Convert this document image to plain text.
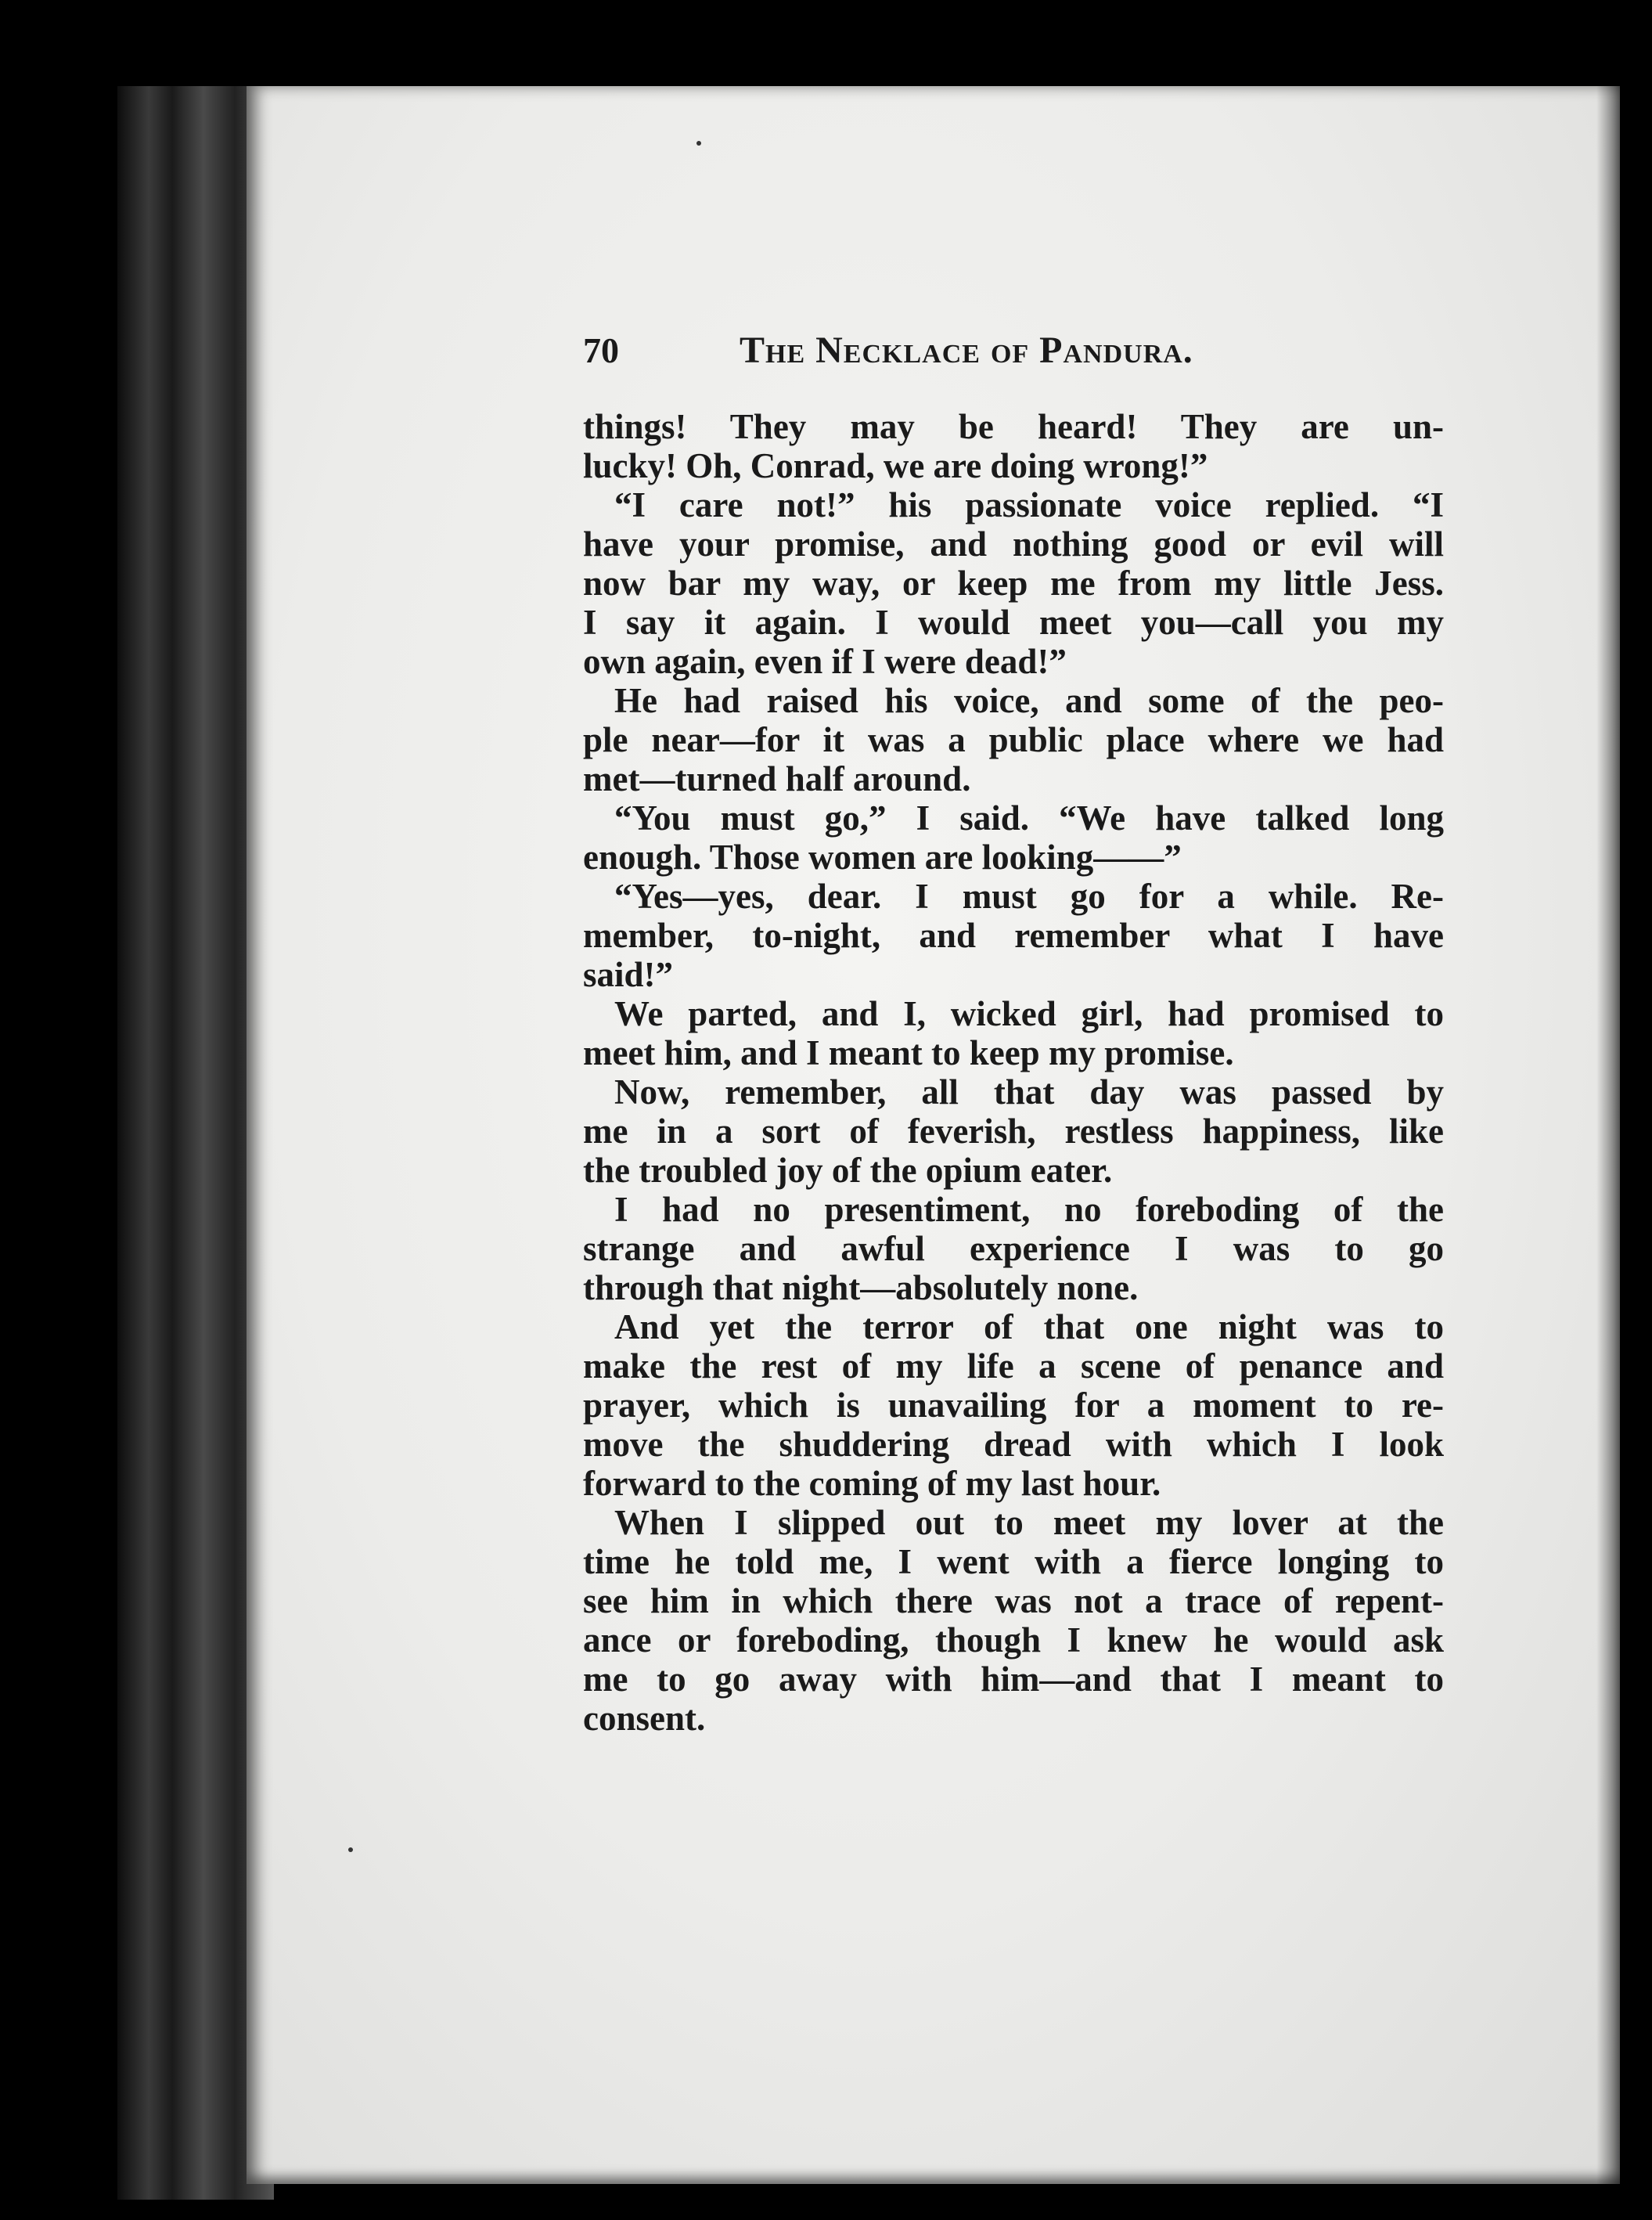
70	The Necklace of Pandura.
things! They may be heard! They are un-
lucky! Oh, Conrad, we are doing wrong!”
“I care not!” his passionate voice replied. “I
have your promise, and nothing good or evil will
now bar my way, or keep me from my little Jess.
I say it again. I would meet you—call you my
own again, even if I were dead!”
He had raised his voice, and some of the peo-
ple near—for it was a public place where we had
met—turned half around.
“You must go,” I said. “We have talked long
enough. Those women are looking——”
“Yes—yes, dear. I must go for a while. Re-
member, to-night, and remember what I have
said!”
We parted, and I, wicked girl, had promised to
meet him, and I meant to keep my promise.
Now, remember, all that day was passed by
me in a sort of feverish, restless happiness, like
the troubled joy of the opium eater.
I had no presentiment, no foreboding of the
strange and awful experience I was to go
through that night—absolutely none.
And yet the terror of that one night was to
make the rest of my life a scene of penance and
prayer, which is unavailing for a moment to re-
move the shuddering dread with which I look
forward to the coming of my last hour.
When I slipped out to meet my lover at the
time he told me, I went with a fierce longing to
see him in which there was not a trace of repent-
ance or foreboding, though I knew he would ask
me to go away with him—and that I meant to
consent.
